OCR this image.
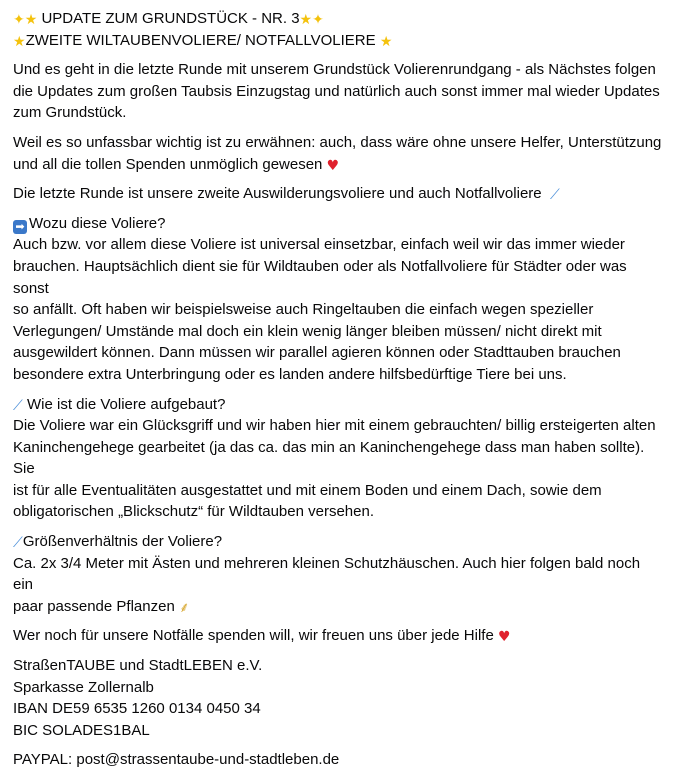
✦★ UPDATE ZUM GRUNDSTÜCK - NR. 3★✦
★ZWEITE WILTAUBENVOLIERE/ NOTFALLVOLIERE ★
Und es geht in die letzte Runde mit unserem Grundstück Volierenrundgang - als Nächstes folgen
die Updates zum großen Taubsis Einzugstag und natürlich auch sonst immer mal wieder Updates
zum Grundstück.
Weil es so unfassbar wichtig ist zu erwähnen: auch, dass wäre ohne unsere Helfer, Unterstützung
und all die tollen Spenden unmöglich gewesen ♥
Die letzte Runde ist unsere zweite Auswilderungsvoliere und auch Notfallvoliere ⟋
➡ Wozu diese Voliere?
Auch bzw. vor allem diese Voliere ist universal einsetzbar, einfach weil wir das immer wieder
brauchen. Hauptsächlich dient sie für Wildtauben oder als Notfallvoliere für Städter oder was sonst
so anfällt. Oft haben wir beispielsweise auch Ringeltauben die einfach wegen spezieller
Verlegungen/ Umstände mal doch ein klein wenig länger bleiben müssen/ nicht direkt mit
ausgewildert können. Dann müssen wir parallel agieren können oder Stadttauben brauchen
besondere extra Unterbringung oder es landen andere hilfsbedürftige Tiere bei uns.
⟋ Wie ist die Voliere aufgebaut?
Die Voliere war ein Glücksgriff und wir haben hier mit einem gebrauchten/ billig ersteigerten alten
Kaninchengehege gearbeitet (ja das ca. das min an Kaninchengehege dass man haben sollte). Sie
ist für alle Eventualitäten ausgestattet und mit einem Boden und einem Dach, sowie dem
obligatorischen „Blickschutz“ für Wildtauben versehen.
⟋Größenverhältnis der Voliere?
Ca. 2x 3/4 Meter mit Ästen und mehreren kleinen Schutzhäuschen. Auch hier folgen bald noch ein
paar passende Pflanzen ⸙
Wer noch für unsere Notfälle spenden will, wir freuen uns über jede Hilfe ♥
StraßenTAUBE und StadtLEBEN e.V.
Sparkasse Zollernalb
IBAN DE59 6535 1260 0134 0450 34
BIC SOLADES1BAL
PAYPAL: post@strassentaube-und-stadtleben.de
